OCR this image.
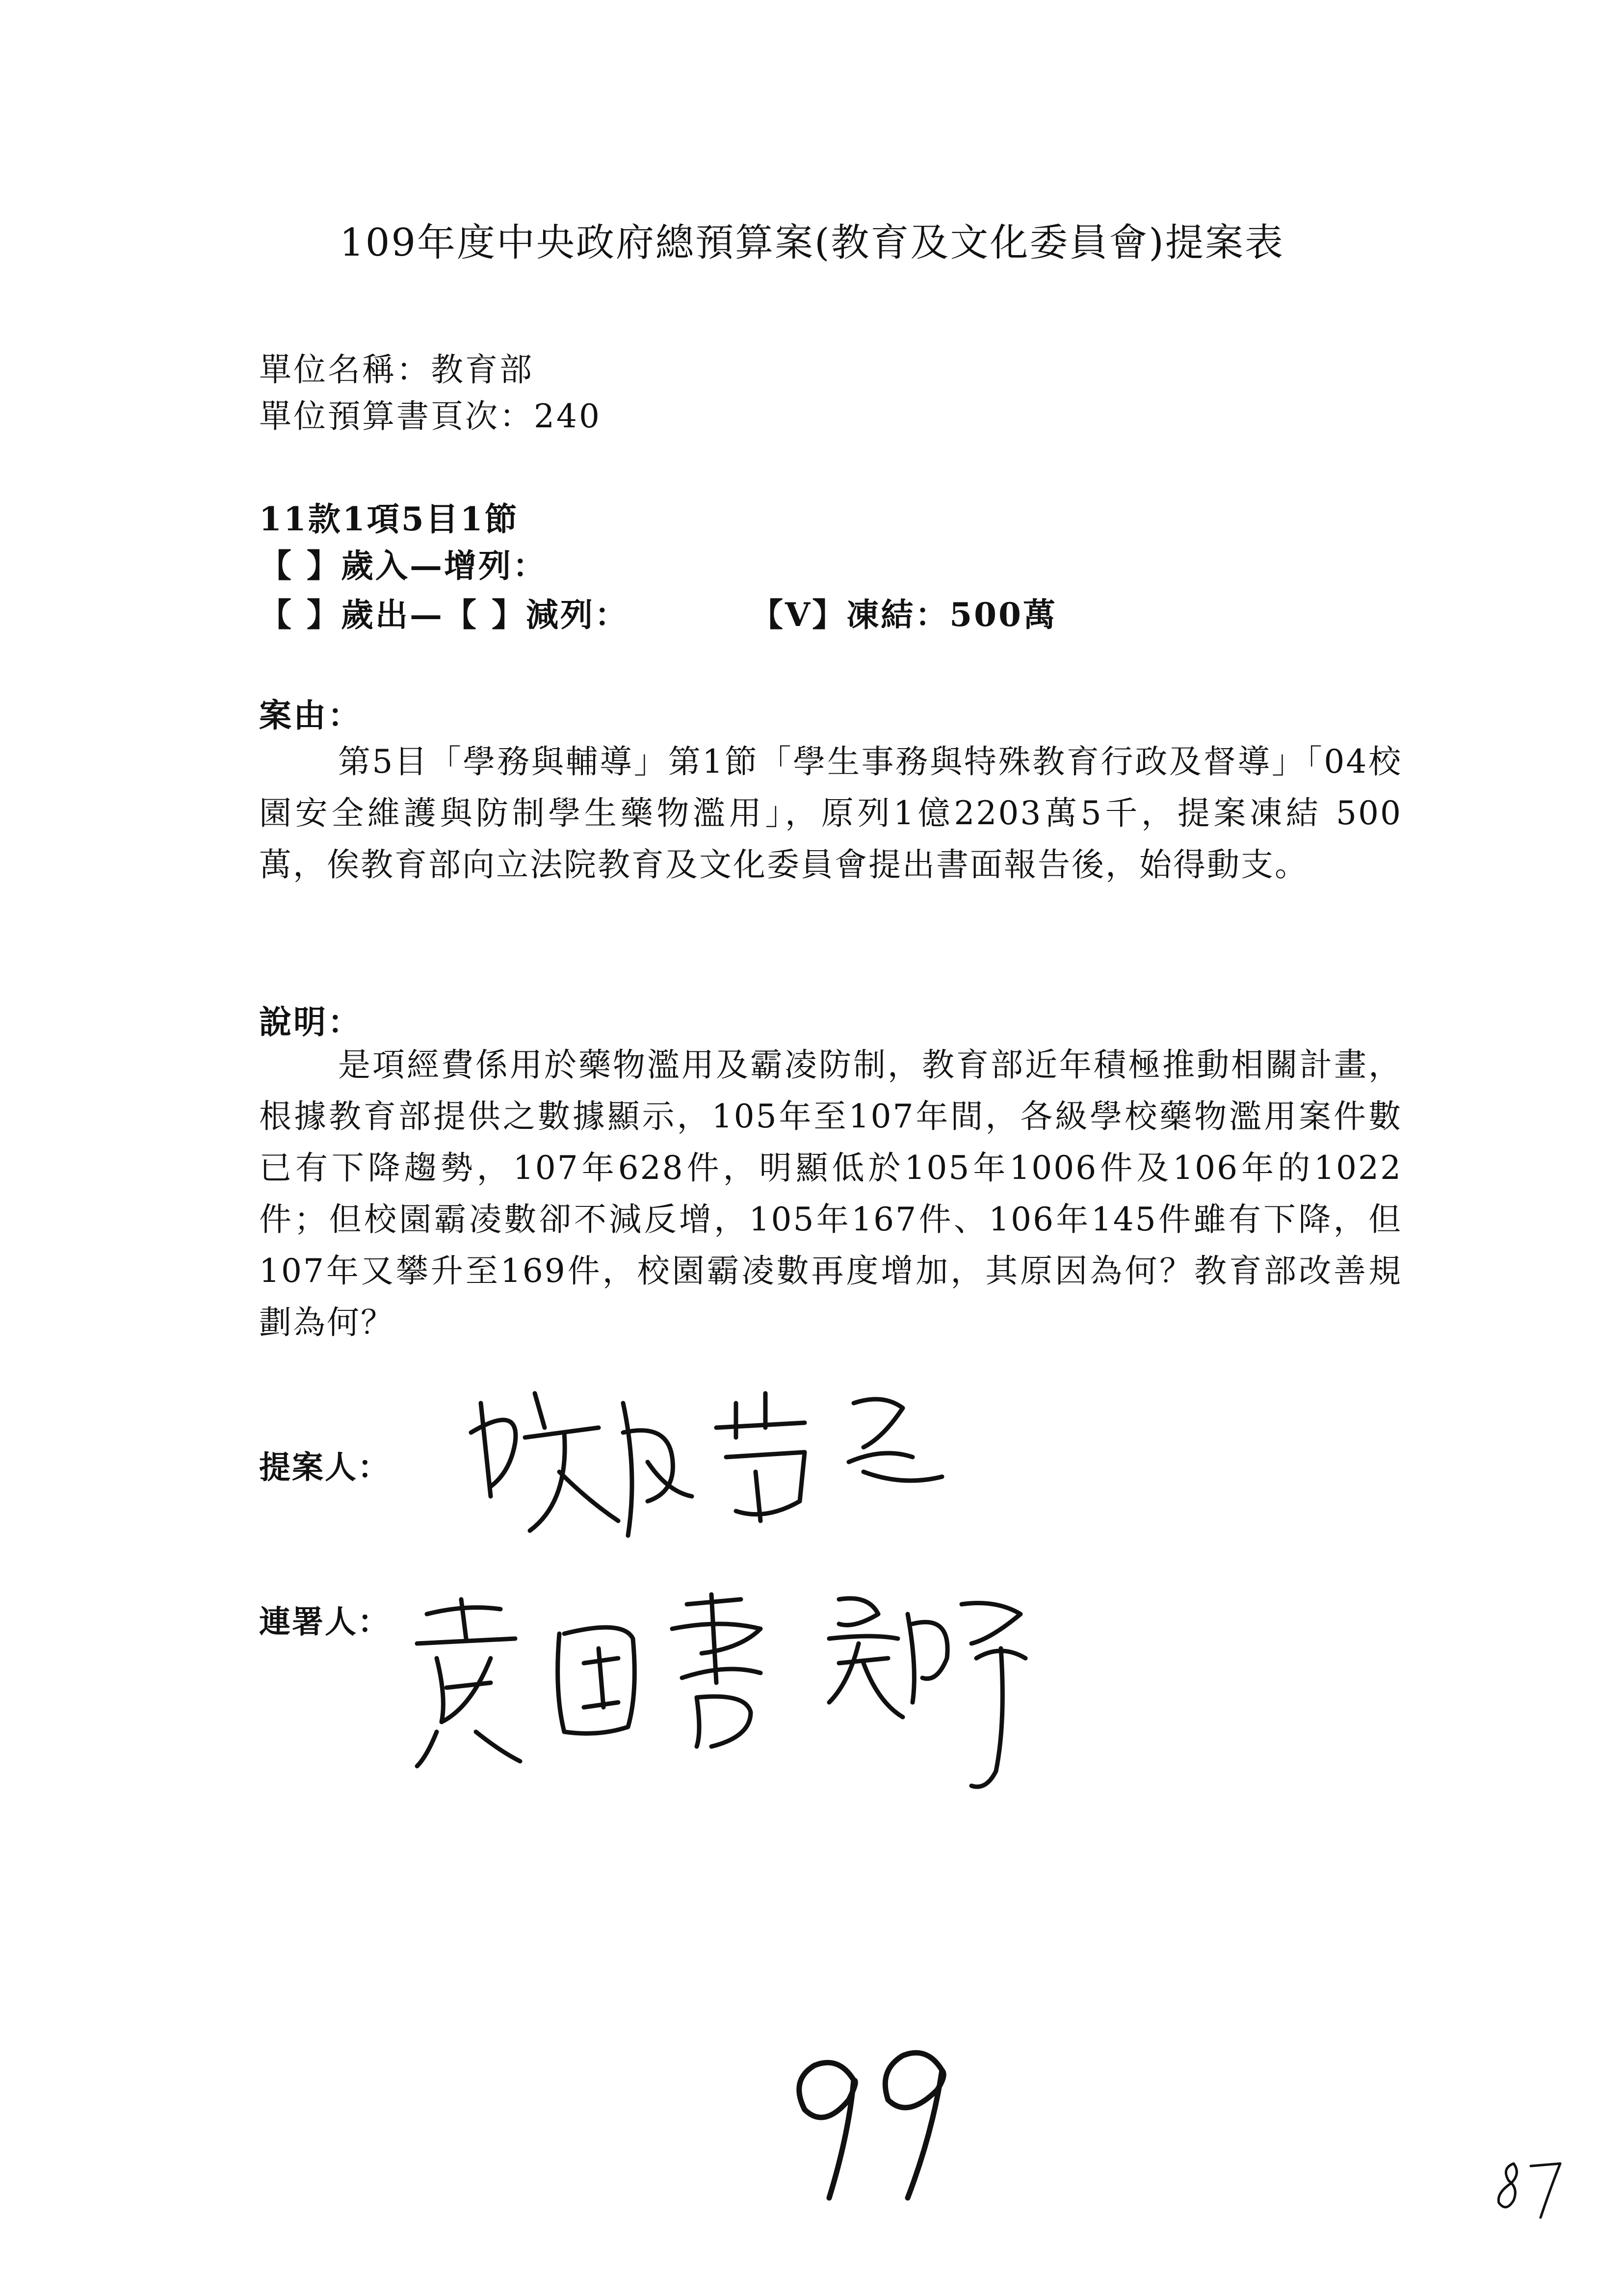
109年度中央政府總預算案(教育及文化委員會)提案表
單位名稱：教育部
單位預算書頁次：240
11款1項5目1節
【 】歲入—增列：
【 】歲出—【 】減列：	【V】凍結：500萬
案由：
第5目「學務與輔導」第1節「學生事務與特殊教育行政及督導」「04校園安全維護與防制學生藥物濫用」，原列1億2203萬5千，提案凍結 500 萬，俟教育部向立法院教育及文化委員會提出書面報告後，始得動支。
說明：
是項經費係用於藥物濫用及霸凌防制，教育部近年積極推動相關計畫，根據教育部提供之數據顯示，105年至107年間，各級學校藥物濫用案件數已有下降趨勢，107年628件，明顯低於105年1006件及106年的1022件；但校園霸凌數卻不減反增，105年167件、106年145件雖有下降，但107年又攀升至169件，校園霸凌數再度增加，其原因為何？教育部改善規劃為何？
提案人：
連署人：
